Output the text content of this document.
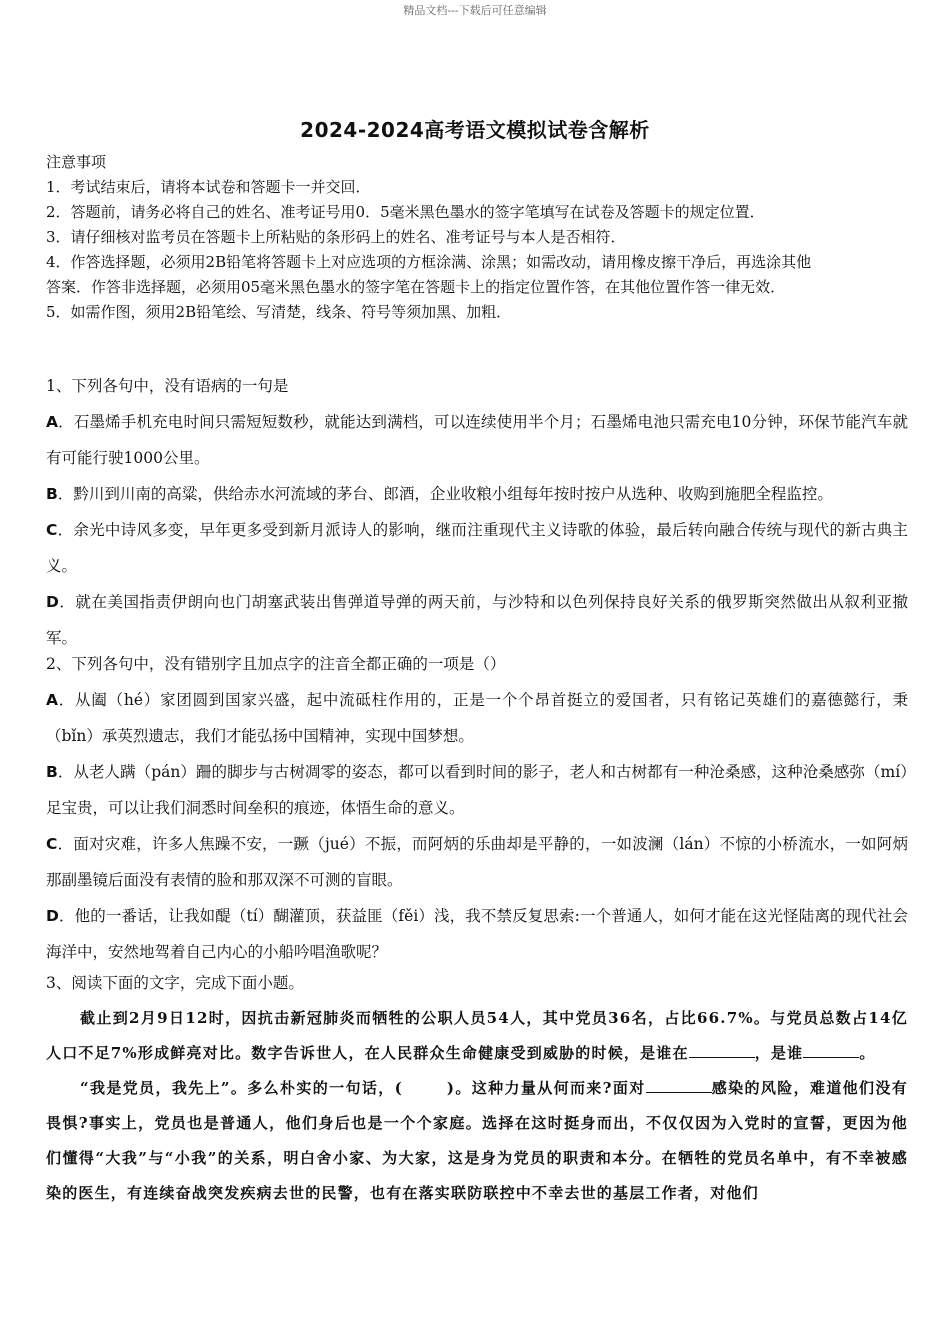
精品文档---下载后可任意编辑
2024-2024高考语文模拟试卷含解析
注意事项
1．考试结束后，请将本试卷和答题卡一并交回．
2．答题前，请务必将自己的姓名、准考证号用0．5毫米黑色墨水的签字笔填写在试卷及答题卡的规定位置．
3．请仔细核对监考员在答题卡上所粘贴的条形码上的姓名、准考证号与本人是否相符．
4．作答选择题，必须用2B铅笔将答题卡上对应选项的方框涂满、涂黑；如需改动，请用橡皮擦干净后，再选涂其他
答案．作答非选择题，必须用05毫米黑色墨水的签字笔在答题卡上的指定位置作答，在其他位置作答一律无效．
5．如需作图，须用2B铅笔绘、写清楚，线条、符号等须加黑、加粗．

1、下列各句中，没有语病的一句是

A．石墨烯手机充电时间只需短短数秒，就能达到满档，可以连续使用半个月；石墨烯电池只需充电10分钟，环保节能汽车就有可能行驶1000公里。

B．黔川到川南的高粱，供给赤水河流域的茅台、郎酒，企业收粮小组每年按时按户从选种、收购到施肥全程监控。

C．余光中诗风多变，早年更多受到新月派诗人的影响，继而注重现代主义诗歌的体验，最后转向融合传统与现代的新古典主义。

D．就在美国指责伊朗向也门胡塞武装出售弹道导弹的两天前，与沙特和以色列保持良好关系的俄罗斯突然做出从叙利亚撤军。

2、下列各句中，没有错别字且加点字的注音全都正确的一项是（）

A．从阖（hé）家团圆到国家兴盛，起中流砥柱作用的，正是一个个昂首挺立的爱国者，只有铭记英雄们的嘉德懿行，秉（bǐn）承英烈遗志，我们才能弘扬中国精神，实现中国梦想。

B．从老人蹒（pán）跚的脚步与古树凋零的姿态，都可以看到时间的影子，老人和古树都有一种沧桑感，这种沧桑感弥（mí）足宝贵，可以让我们洞悉时间垒积的痕迹，体悟生命的意义。

C．面对灾难，许多人焦躁不安，一蹶（jué）不振，而阿炳的乐曲却是平静的，一如波澜（lán）不惊的小桥流水，一如阿炳那副墨镜后面没有表情的脸和那双深不可测的盲眼。

D．他的一番话，让我如醍（tí）醐灌顶，获益匪（fěi）浅，我不禁反复思索:一个普通人，如何才能在这光怪陆离的现代社会海洋中，安然地驾着自己内心的小船吟唱渔歌呢？

3、阅读下面的文字，完成下面小题。

截止到2月9日12时，因抗击新冠肺炎而牺牲的公职人员54人，其中党员36名，占比66.7%。与党员总数占14亿人口不足7%形成鲜亮对比。数字告诉世人，在人民群众生命健康受到威胁的时候，是谁在	，是谁	。

“我是党员，我先上”。多么朴实的一句话，(	)。这种力量从何而来?面对	感染的风险，难道他们没有畏惧?事实上，党员也是普通人，他们身后也是一个个家庭。选择在这时挺身而出，不仅仅因为入党时的宣誓，更因为他们懂得“大我”与“小我”的关系，明白舍小家、为大家，这是身为党员的职责和本分。在牺牲的党员名单中，有不幸被感染的医生，有连续奋战突发疾病去世的民警，也有在落实联防联控中不幸去世的基层工作者，对他们
